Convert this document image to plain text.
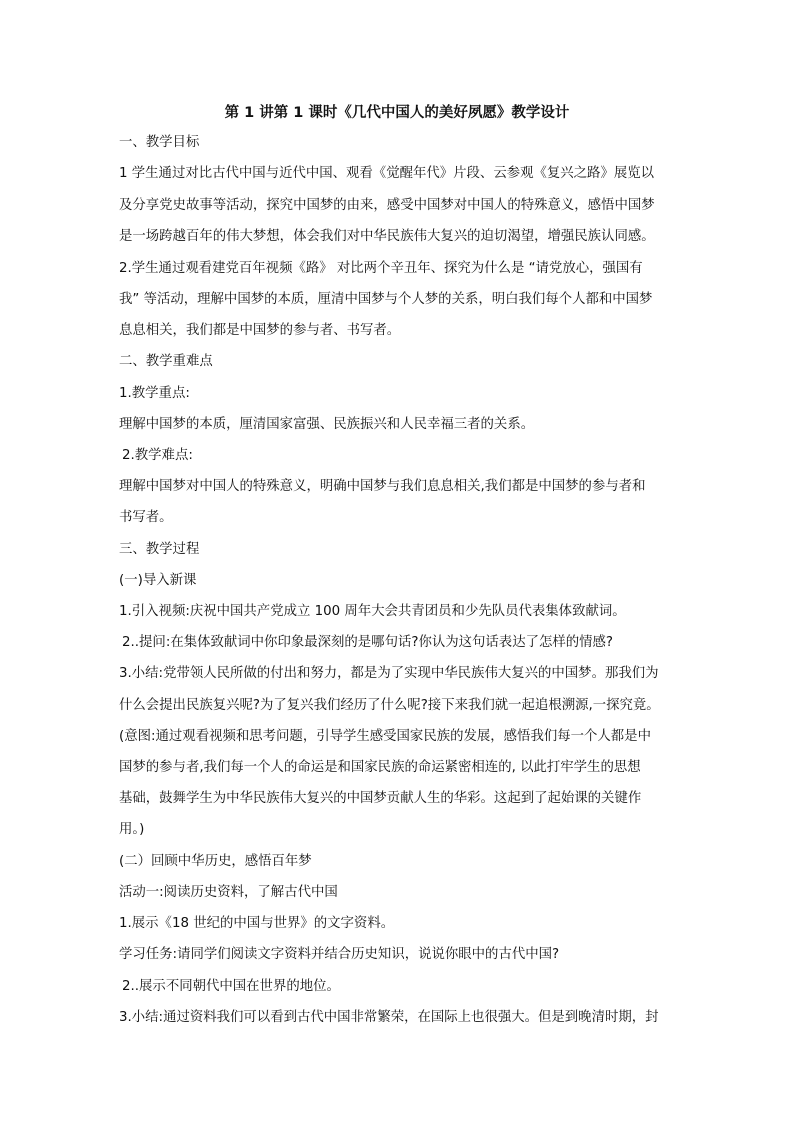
第 1 讲第 1 课时《几代中国人的美好夙愿》教学设计
一、教学目标
1 学生通过对比古代中国与近代中国、观看《觉醒年代》片段、云参观《复兴之路》展览以
及分享党史故事等活动，探究中国梦的由来，感受中国梦对中国人的特殊意义，感悟中国梦
是一场跨越百年的伟大梦想，体会我们对中华民族伟大复兴的迫切渴望，增强民族认同感。
2.学生通过观看建党百年视频《路》 对比两个辛丑年、探究为什么是 “请党放心，强国有
我” 等活动，理解中国梦的本质，厘清中国梦与个人梦的关系，明白我们每个人都和中国梦
息息相关，我们都是中国梦的参与者、书写者。
二、教学重难点
1.教学重点:
理解中国梦的本质，厘清国家富强、民族振兴和人民幸福三者的关系。
2.教学难点:
理解中国梦对中国人的特殊意义，明确中国梦与我们息息相关,我们都是中国梦的参与者和
书写者。
三、教学过程
(一)导入新课
1.引入视频:庆祝中国共产党成立 100 周年大会共青团员和少先队员代表集体致献词。
2..提问:在集体致献词中你印象最深刻的是哪句话?你认为这句话表达了怎样的情感?
3.小结:党带领人民所做的付出和努力，都是为了实现中华民族伟大复兴的中国梦。那我们为
什么会提出民族复兴呢?为了复兴我们经历了什么呢?接下来我们就一起追根溯源,一探究竟。
(意图:通过观看视频和思考问题，引导学生感受国家民族的发展，感悟我们每一个人都是中
国梦的参与者,我们每一个人的命运是和国家民族的命运紧密相连的, 以此打牢学生的思想
基础，鼓舞学生为中华民族伟大复兴的中国梦贡献人生的华彩。这起到了起始课的关键作
用。)
(二）回顾中华历史，感悟百年梦
活动一:阅读历史资料，了解古代中国
1.展示《18 世纪的中国与世界》的文字资料。
学习任务:请同学们阅读文字资料并结合历史知识，说说你眼中的古代中国?
2..展示不同朝代中国在世界的地位。
3.小结:通过资料我们可以看到古代中国非常繁荣，在国际上也很强大。但是到晚清时期，封
